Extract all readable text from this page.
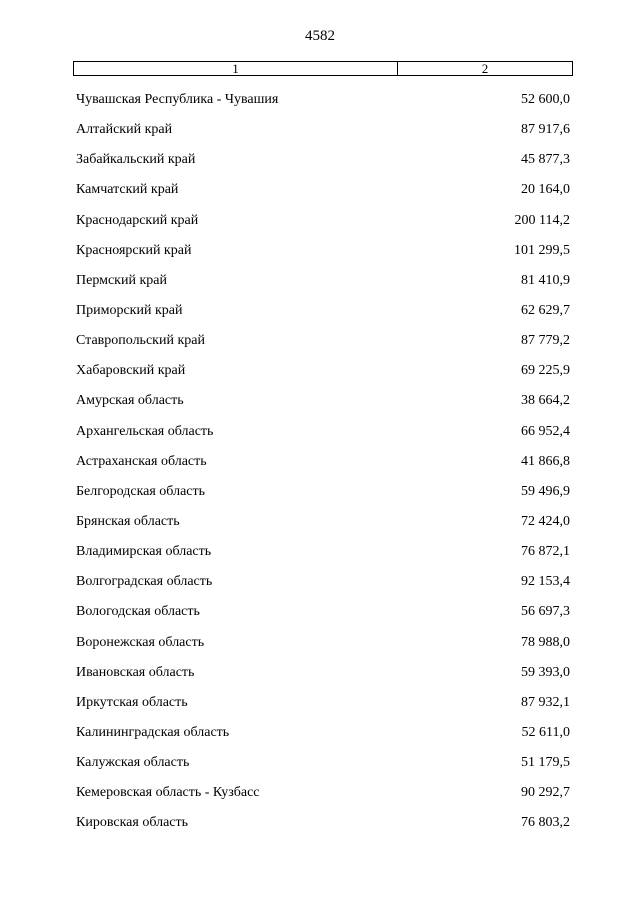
4582
1	2
Чувашская Республика - Чувашия	52 600,0
Алтайский край	87 917,6
Забайкальский край	45 877,3
Камчатский край	20 164,0
Краснодарский край	200 114,2
Красноярский край	101 299,5
Пермский край	81 410,9
Приморский край	62 629,7
Ставропольский край	87 779,2
Хабаровский край	69 225,9
Амурская область	38 664,2
Архангельская область	66 952,4
Астраханская область	41 866,8
Белгородская область	59 496,9
Брянская область	72 424,0
Владимирская область	76 872,1
Волгоградская область	92 153,4
Вологодская область	56 697,3
Воронежская область	78 988,0
Ивановская область	59 393,0
Иркутская область	87 932,1
Калининградская область	52 611,0
Калужская область	51 179,5
Кемеровская область - Кузбасс	90 292,7
Кировская область	76 803,2
